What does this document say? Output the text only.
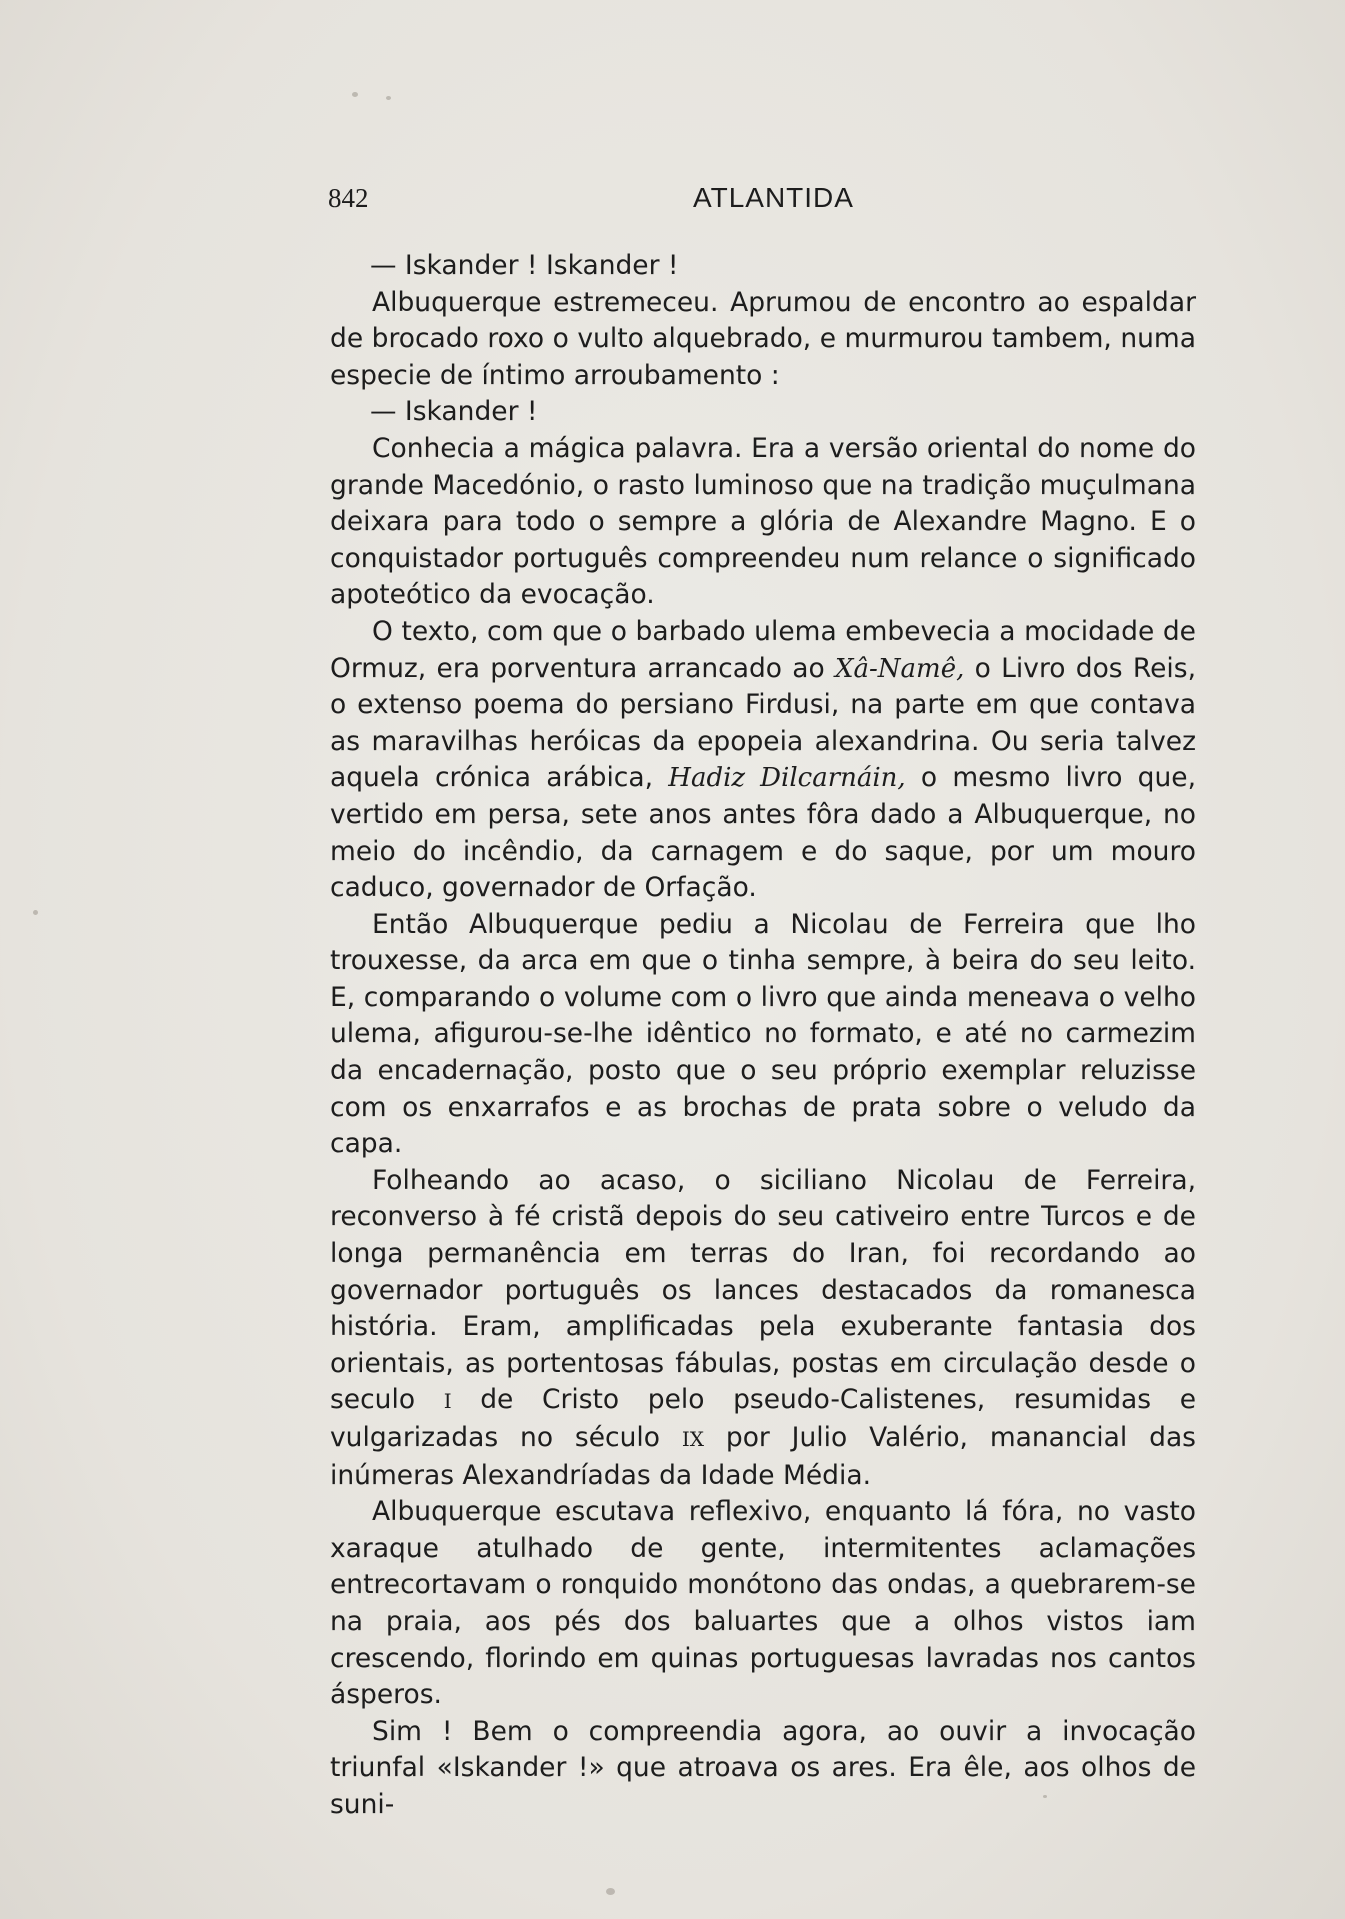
842	ATLANTIDA

— Iskander ! Iskander !

Albuquerque estremeceu. Aprumou de encontro ao espaldar de brocado roxo o vulto alquebrado, e murmurou tambem, numa especie de íntimo arroubamento :

— Iskander !

Conhecia a mágica palavra. Era a versão oriental do nome do grande Macedónio, o rasto luminoso que na tradição muçulmana deixara para todo o sempre a glória de Alexandre Magno. E o conquistador português compreendeu num relance o significado apoteótico da evocação.

O texto, com que o barbado ulema embevecia a mocidade de Ormuz, era porventura arrancado ao Xâ-Namê, o Livro dos Reis, o extenso poema do persiano Firdusi, na parte em que contava as maravilhas heróicas da epopeia alexandrina. Ou seria talvez aquela crónica arábica, Hadiz Dilcarnáin, o mesmo livro que, vertido em persa, sete anos antes fôra dado a Albuquerque, no meio do incêndio, da carnagem e do saque, por um mouro caduco, governador de Orfação.

Então Albuquerque pediu a Nicolau de Ferreira que lho trouxesse, da arca em que o tinha sempre, à beira do seu leito. E, comparando o volume com o livro que ainda meneava o velho ulema, afigurou-se-lhe idêntico no formato, e até no carmezim da encadernação, posto que o seu próprio exemplar reluzisse com os enxarrafos e as brochas de prata sobre o veludo da capa.

Folheando ao acaso, o siciliano Nicolau de Ferreira, reconverso à fé cristã depois do seu cativeiro entre Turcos e de longa permanência em terras do Iran, foi recordando ao governador português os lances destacados da romanesca história. Eram, amplificadas pela exuberante fantasia dos orientais, as portentosas fábulas, postas em circulação desde o seculo I de Cristo pelo pseudo-Calistenes, resumidas e vulgarizadas no século IX por Julio Valério, manancial das inúmeras Alexandríadas da Idade Média.

Albuquerque escutava reflexivo, enquanto lá fóra, no vasto xaraque atulhado de gente, intermitentes aclamações entrecortavam o ronquido monótono das ondas, a quebrarem-se na praia, aos pés dos baluartes que a olhos vistos iam crescendo, florindo em quinas portuguesas lavradas nos cantos ásperos.

Sim ! Bem o compreendia agora, ao ouvir a invocação triunfal «Iskander !» que atroava os ares. Era êle, aos olhos de suni-
